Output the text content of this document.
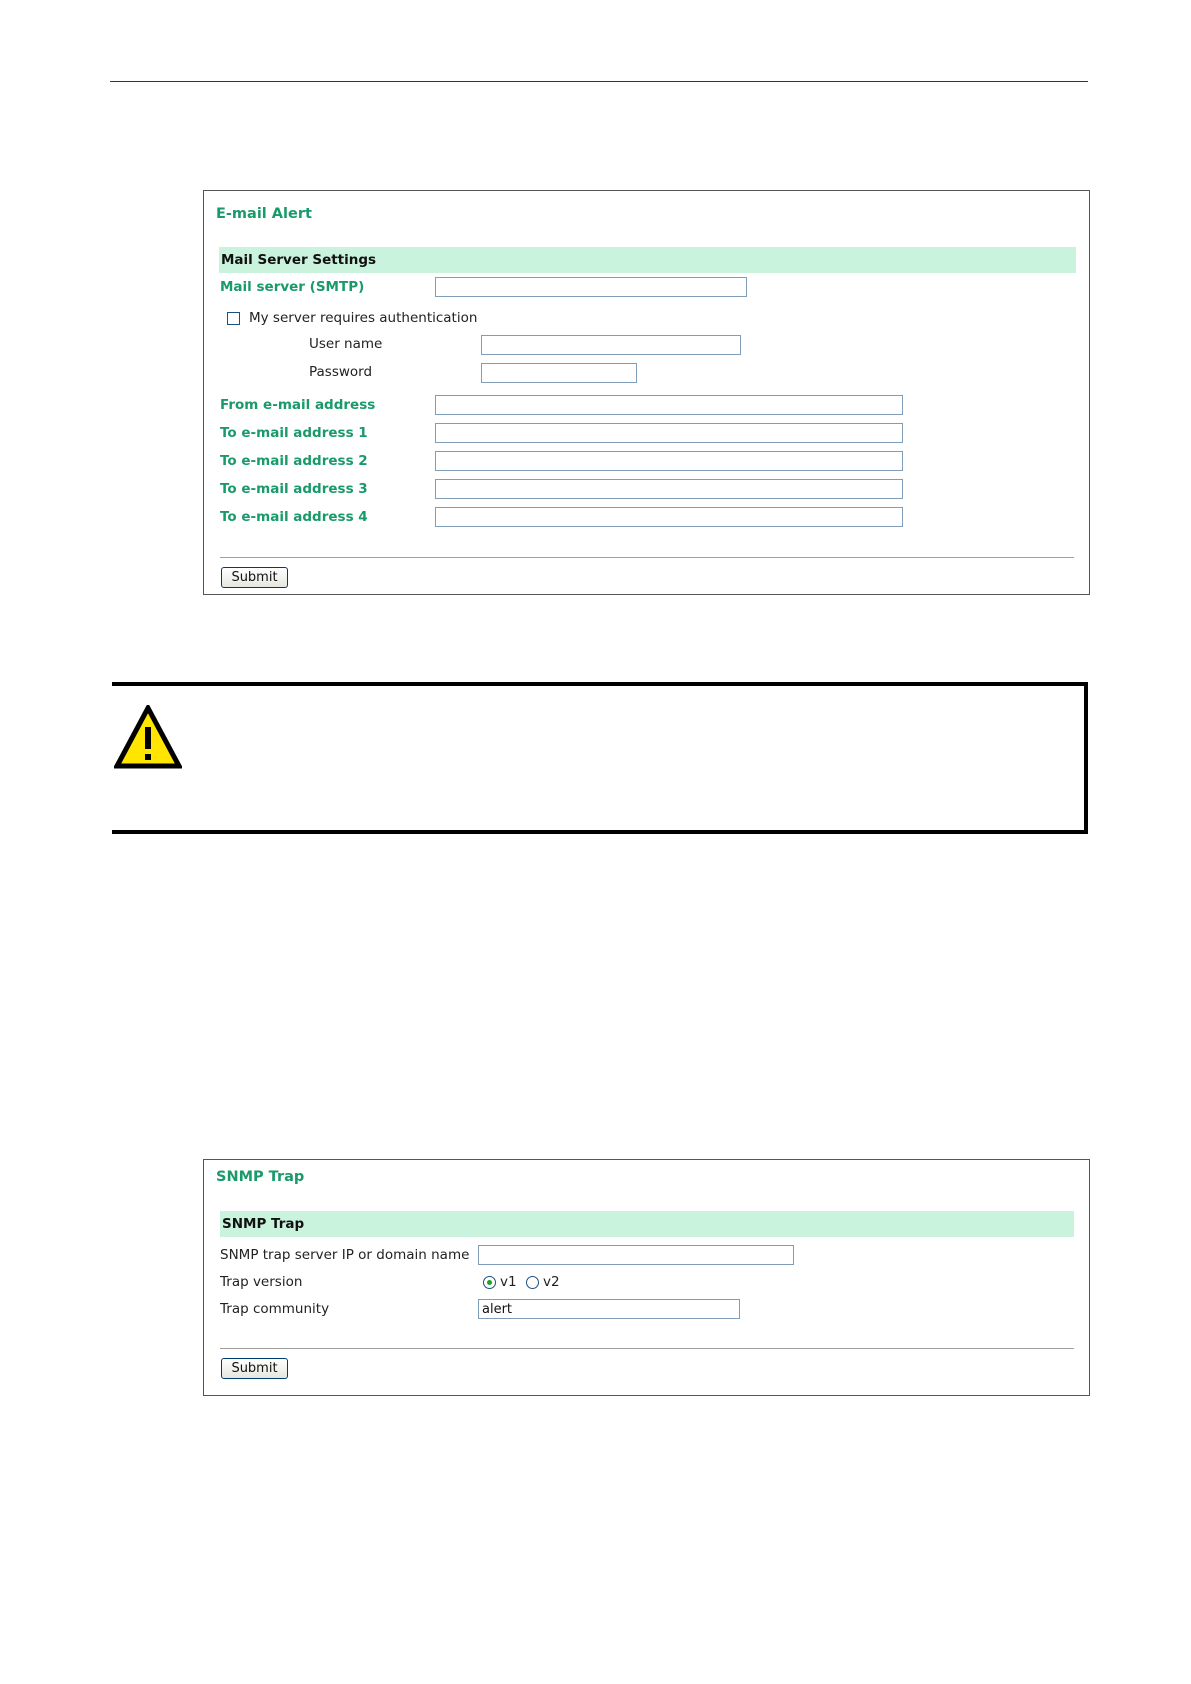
E-mail Alert
Mail Server Settings
Mail server (SMTP)
My server requires authentication
User name
Password
From e-mail address
To e-mail address 1
To e-mail address 2
To e-mail address 3
To e-mail address 4
Submit
SNMP Trap
SNMP Trap
SNMP trap server IP or domain name
Trap version	v1 v2
Trap community
alert
Submit
